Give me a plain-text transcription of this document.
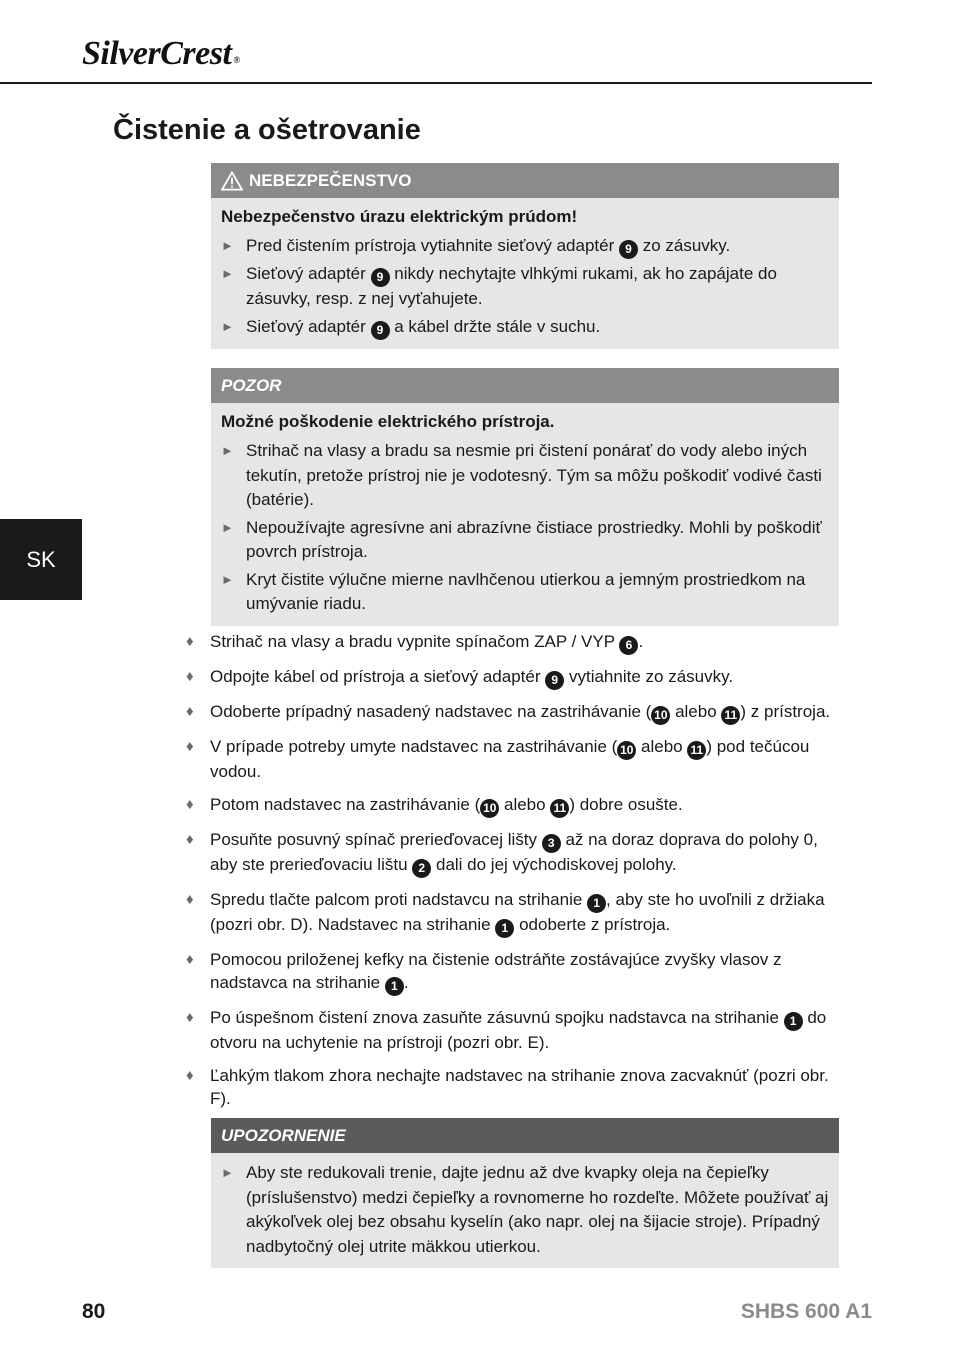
SilverCrest ®
Čistenie a ošetrovanie
SK
NEBEZPEČENSTVO
Nebezpečenstvo úrazu elektrickým prúdom!
► Pred čistením prístroja vytiahnite sieťový adaptér 9 zo zásuvky.
► Sieťový adaptér 9 nikdy nechytajte vlhkými rukami, ak ho zapájate do zásuvky, resp. z nej vyťahujete.
► Sieťový adaptér 9 a kábel držte stále v suchu.
POZOR
Možné poškodenie elektrického prístroja.
► Strihač na vlasy a bradu sa nesmie pri čistení ponárať do vody alebo iných tekutín, pretože prístroj nie je vodotesný. Tým sa môžu poškodiť vodivé časti (batérie).
► Nepoužívajte agresívne ani abrazívne čistiace prostriedky. Mohli by poškodiť povrch prístroja.
► Kryt čistite výlučne mierne navlhčenou utierkou a jemným prostriedkom na umývanie riadu.
♦ Strihač na vlasy a bradu vypnite spínačom ZAP / VYP 6 .
♦ Odpojte kábel od prístroja a sieťový adaptér 9 vytiahnite zo zásuvky.
♦ Odoberte prípadný nasadený nadstavec na zastrihávanie ( 10 alebo 11 ) z prístroja.
♦ V prípade potreby umyte nadstavec na zastrihávanie ( 10 alebo 11 ) pod tečúcou vodou.
♦ Potom nadstavec na zastrihávanie ( 10 alebo 11 ) dobre osušte.
♦ Posuňte posuvný spínač prerieďovacej lišty 3 až na doraz doprava do polohy 0, aby ste prerieďovaciu lištu 2 dali do jej východiskovej polohy.
♦ Spredu tlačte palcom proti nadstavcu na strihanie 1 , aby ste ho uvoľnili z držiaka (pozri obr. D). Nadstavec na strihanie 1 odoberte z prístroja.
♦ Pomocou priloženej kefky na čistenie odstráňte zostávajúce zvyšky vlasov z nadstavca na strihanie 1 .
♦ Po úspešnom čistení znova zasuňte zásuvnú spojku nadstavca na strihanie 1 do otvoru na uchytenie na prístroji (pozri obr. E).
♦ Ľahkým tlakom zhora nechajte nadstavec na strihanie znova zacvaknúť (pozri obr. F).
UPOZORNENIE
► Aby ste redukovali trenie, dajte jednu až dve kvapky oleja na čepieľky (príslušenstvo) medzi čepieľky a rovnomerne ho rozdeľte. Môžete používať aj akýkoľvek olej bez obsahu kyselín (ako napr. olej na šijacie stroje). Prípadný nadbytočný olej utrite mäkkou utierkou.
80	SHBS 600 A1
